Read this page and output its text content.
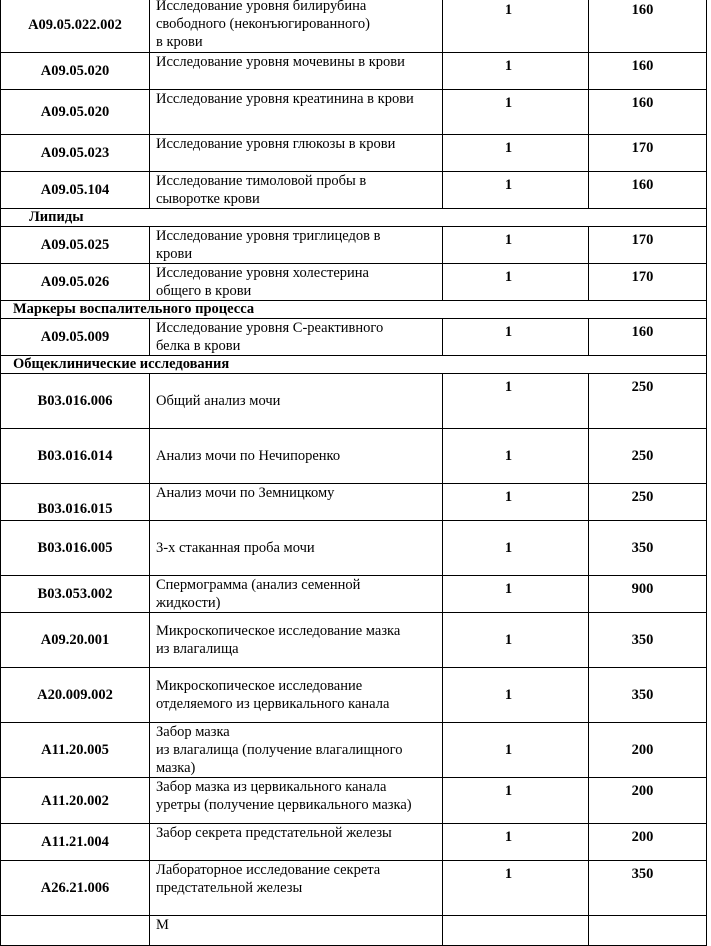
A09.05.022.002	Исследование уровня билирубина
свободного (неконъюгированного)
в крови	1	160
A09.05.020	Исследование уровня мочевины в крови	1	160
A09.05.020	Исследование уровня креатинина в крови	1	160
A09.05.023	Исследование уровня глюкозы в крови	1	170
A09.05.104	Исследование тимоловой пробы в
сыворотке крови	1	160
Липиды			
A09.05.025	Исследование уровня триглицедов в
крови	1	170
A09.05.026	Исследование уровня холестерина
общего в крови	1	170
Маркеры воспалительного процесса			
A09.05.009	Исследование уровня С-реактивного
белка в крови	1	160
Общеклинические исследования			
B03.016.006	Общий анализ мочи	1	250
B03.016.014	Анализ мочи по Нечипоренко	1	250
B03.016.015	Анализ мочи по Земницкому	1	250
B03.016.005	3-х стаканная проба мочи	1	350
B03.053.002	Спермограмма (анализ семенной
жидкости)	1	900
A09.20.001	Микроскопическое исследование мазка
из влагалища	1	350
A20.009.002	Микроскопическое исследование
отделяемого из цервикального канала	1	350
A11.20.005	Забор мазка
из влагалища (получение влагалищного
мазка)	1	200
A11.20.002	Забор мазка из цервикального канала
уретры (получение цервикального мазка)	1	200
A11.21.004	Забор секрета предстательной железы	1	200
A26.21.006	Лабораторное исследование секрета
предстательной железы	1	350
	М		
